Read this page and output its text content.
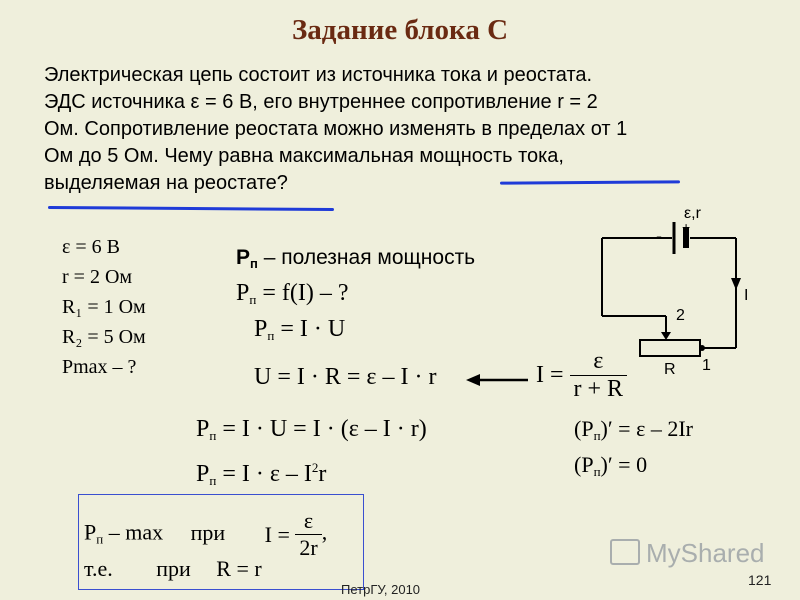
Задание блока С
Электрическая цепь состоит из источника тока и реостата.
ЭДС источника ε = 6 В, его внутреннее сопротивление r = 2
Ом. Сопротивление реостата можно изменять в пределах от 1
Ом до 5 Ом. Чему равна максимальная мощность тока,
выделяемая на реостате?
ε = 6 В
r = 2 Ом
R₁ = 1 Ом
R₂ = 5 Ом
Pmax – ?
$P_п$ – полезная мощность
$P_п = f(I)$ – ?
$P_п = I \cdot U$
U = I · R = ε – I · r	$I = \frac{\varepsilon}{r + R}$
$(P_п)' = \varepsilon - 2Ir$
$(P_п)' = 0$
$P_п = I \cdot U = I \cdot (\varepsilon - I \cdot r)$
$P_п = I \cdot \varepsilon - I^2r$
$P_п$ – max при $I = \frac{\varepsilon}{2r}$ ,
т.е. при R = r
ε,r
- +
I
2
1
R
MyShared
ПетрГУ, 2010
121
